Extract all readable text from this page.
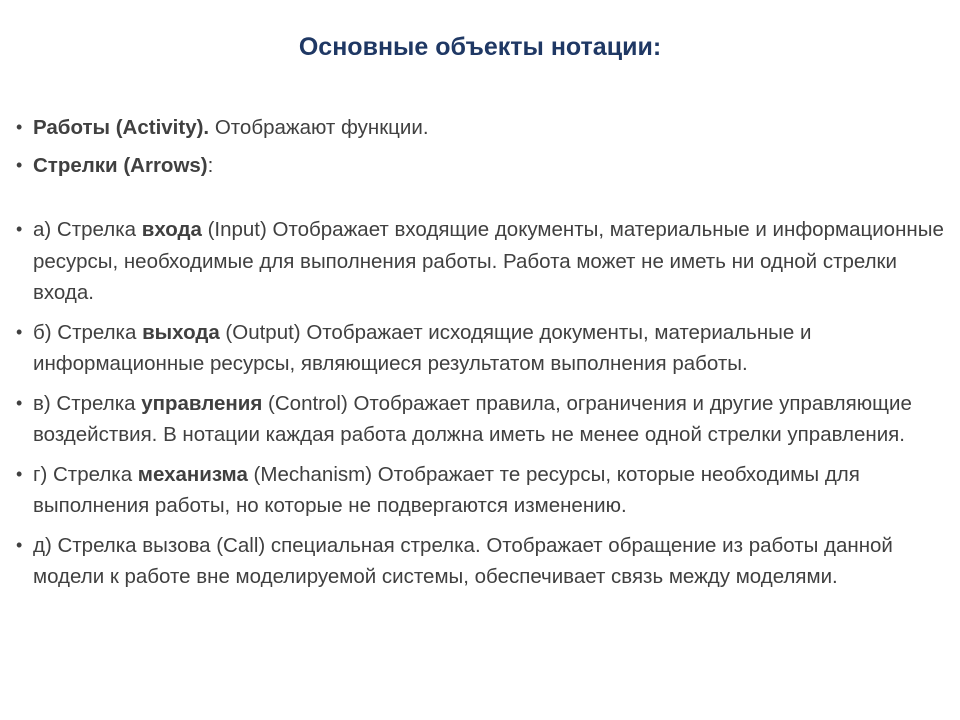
Основные объекты нотации:
• Работы (Activity). Отображают функции.
• Стрелки (Arrows):
• а) Стрелка входа (Input) Отображает входящие документы, материальные и информационные ресурсы, необходимые для выполнения работы. Работа может не иметь ни одной стрелки входа.
• б) Стрелка выхода (Output) Отображает исходящие документы, материальные и информационные ресурсы, являющиеся результатом выполнения работы.
• в) Стрелка управления (Control) Отображает правила, ограничения и другие управляющие воздействия. В нотации каждая работа должна иметь не менее одной стрелки управления.
• г) Стрелка механизма (Mechanism) Отображает те ресурсы, которые необходимы для выполнения работы, но которые не подвергаются изменению.
• д) Стрелка вызова (Call) специальная стрелка. Отображает обращение из работы данной модели к работе вне моделируемой системы, обеспечивает связь между моделями.
